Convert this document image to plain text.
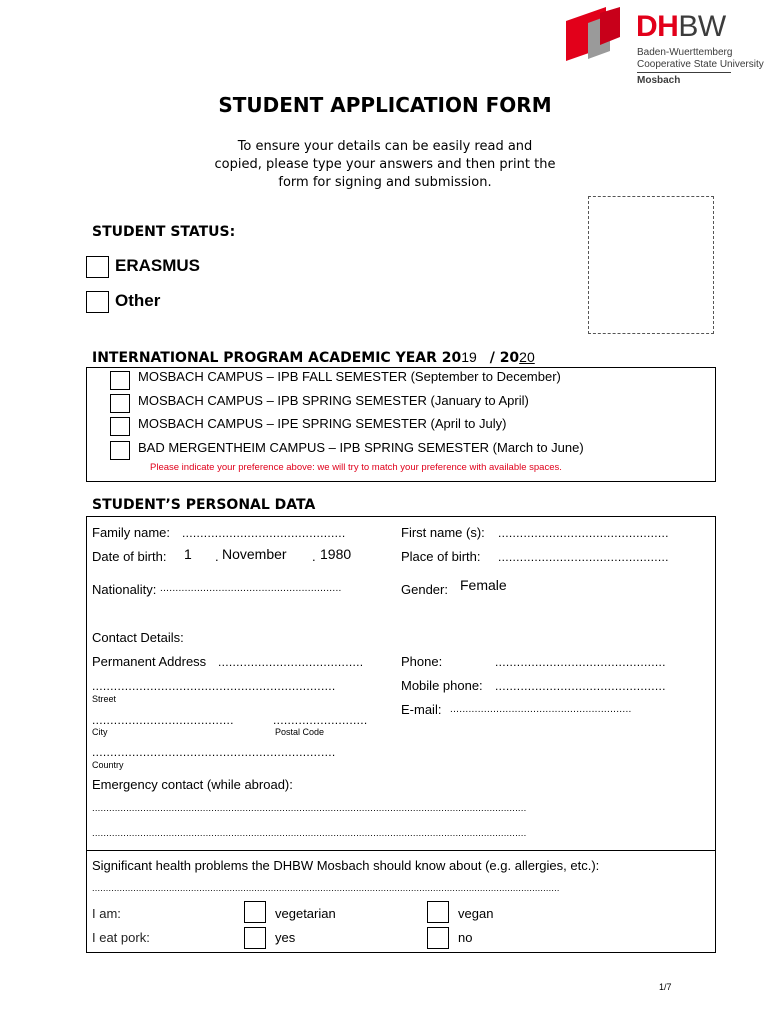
DHBW
Baden-Wuerttemberg
Cooperative State University
Mosbach
STUDENT APPLICATION FORM
To ensure your details can be easily read and
copied, please type your answers and then print the
form for signing and submission.
STUDENT STATUS:
ERASMUS
Other
INTERNATIONAL PROGRAM ACADEMIC YEAR 2019 / 2020
MOSBACH CAMPUS – IPB FALL SEMESTER (September to December)
MOSBACH CAMPUS – IPB SPRING SEMESTER (January to April)
MOSBACH CAMPUS – IPE SPRING SEMESTER (April to July)
BAD MERGENTHEIM CAMPUS – IPB SPRING SEMESTER (March to June)
Please indicate your preference above: we will try to match your preference with available spaces.
STUDENT’S PERSONAL DATA
Family name: .............................................	First name (s): ...............................................
Date of birth: 1 . November . 1980	Place of birth: ...............................................
Nationality: ...........................................................	Gender: Female
Contact Details:
Permanent Address ........................................	Phone:	...............................................
...................................................................
Street
Mobile phone: ...............................................
E-mail: ...........................................................
.......................................	..........................
City	Postal Code
...................................................................
Country
Emergency contact (while abroad):
.........................................................................................................................................................
.........................................................................................................................................................
Significant health problems the DHBW Mosbach should know about (e.g. allergies, etc.):
..........................................................................................................................................................................
I am:	vegetarian	vegan
I eat pork:	yes	no
1/7
